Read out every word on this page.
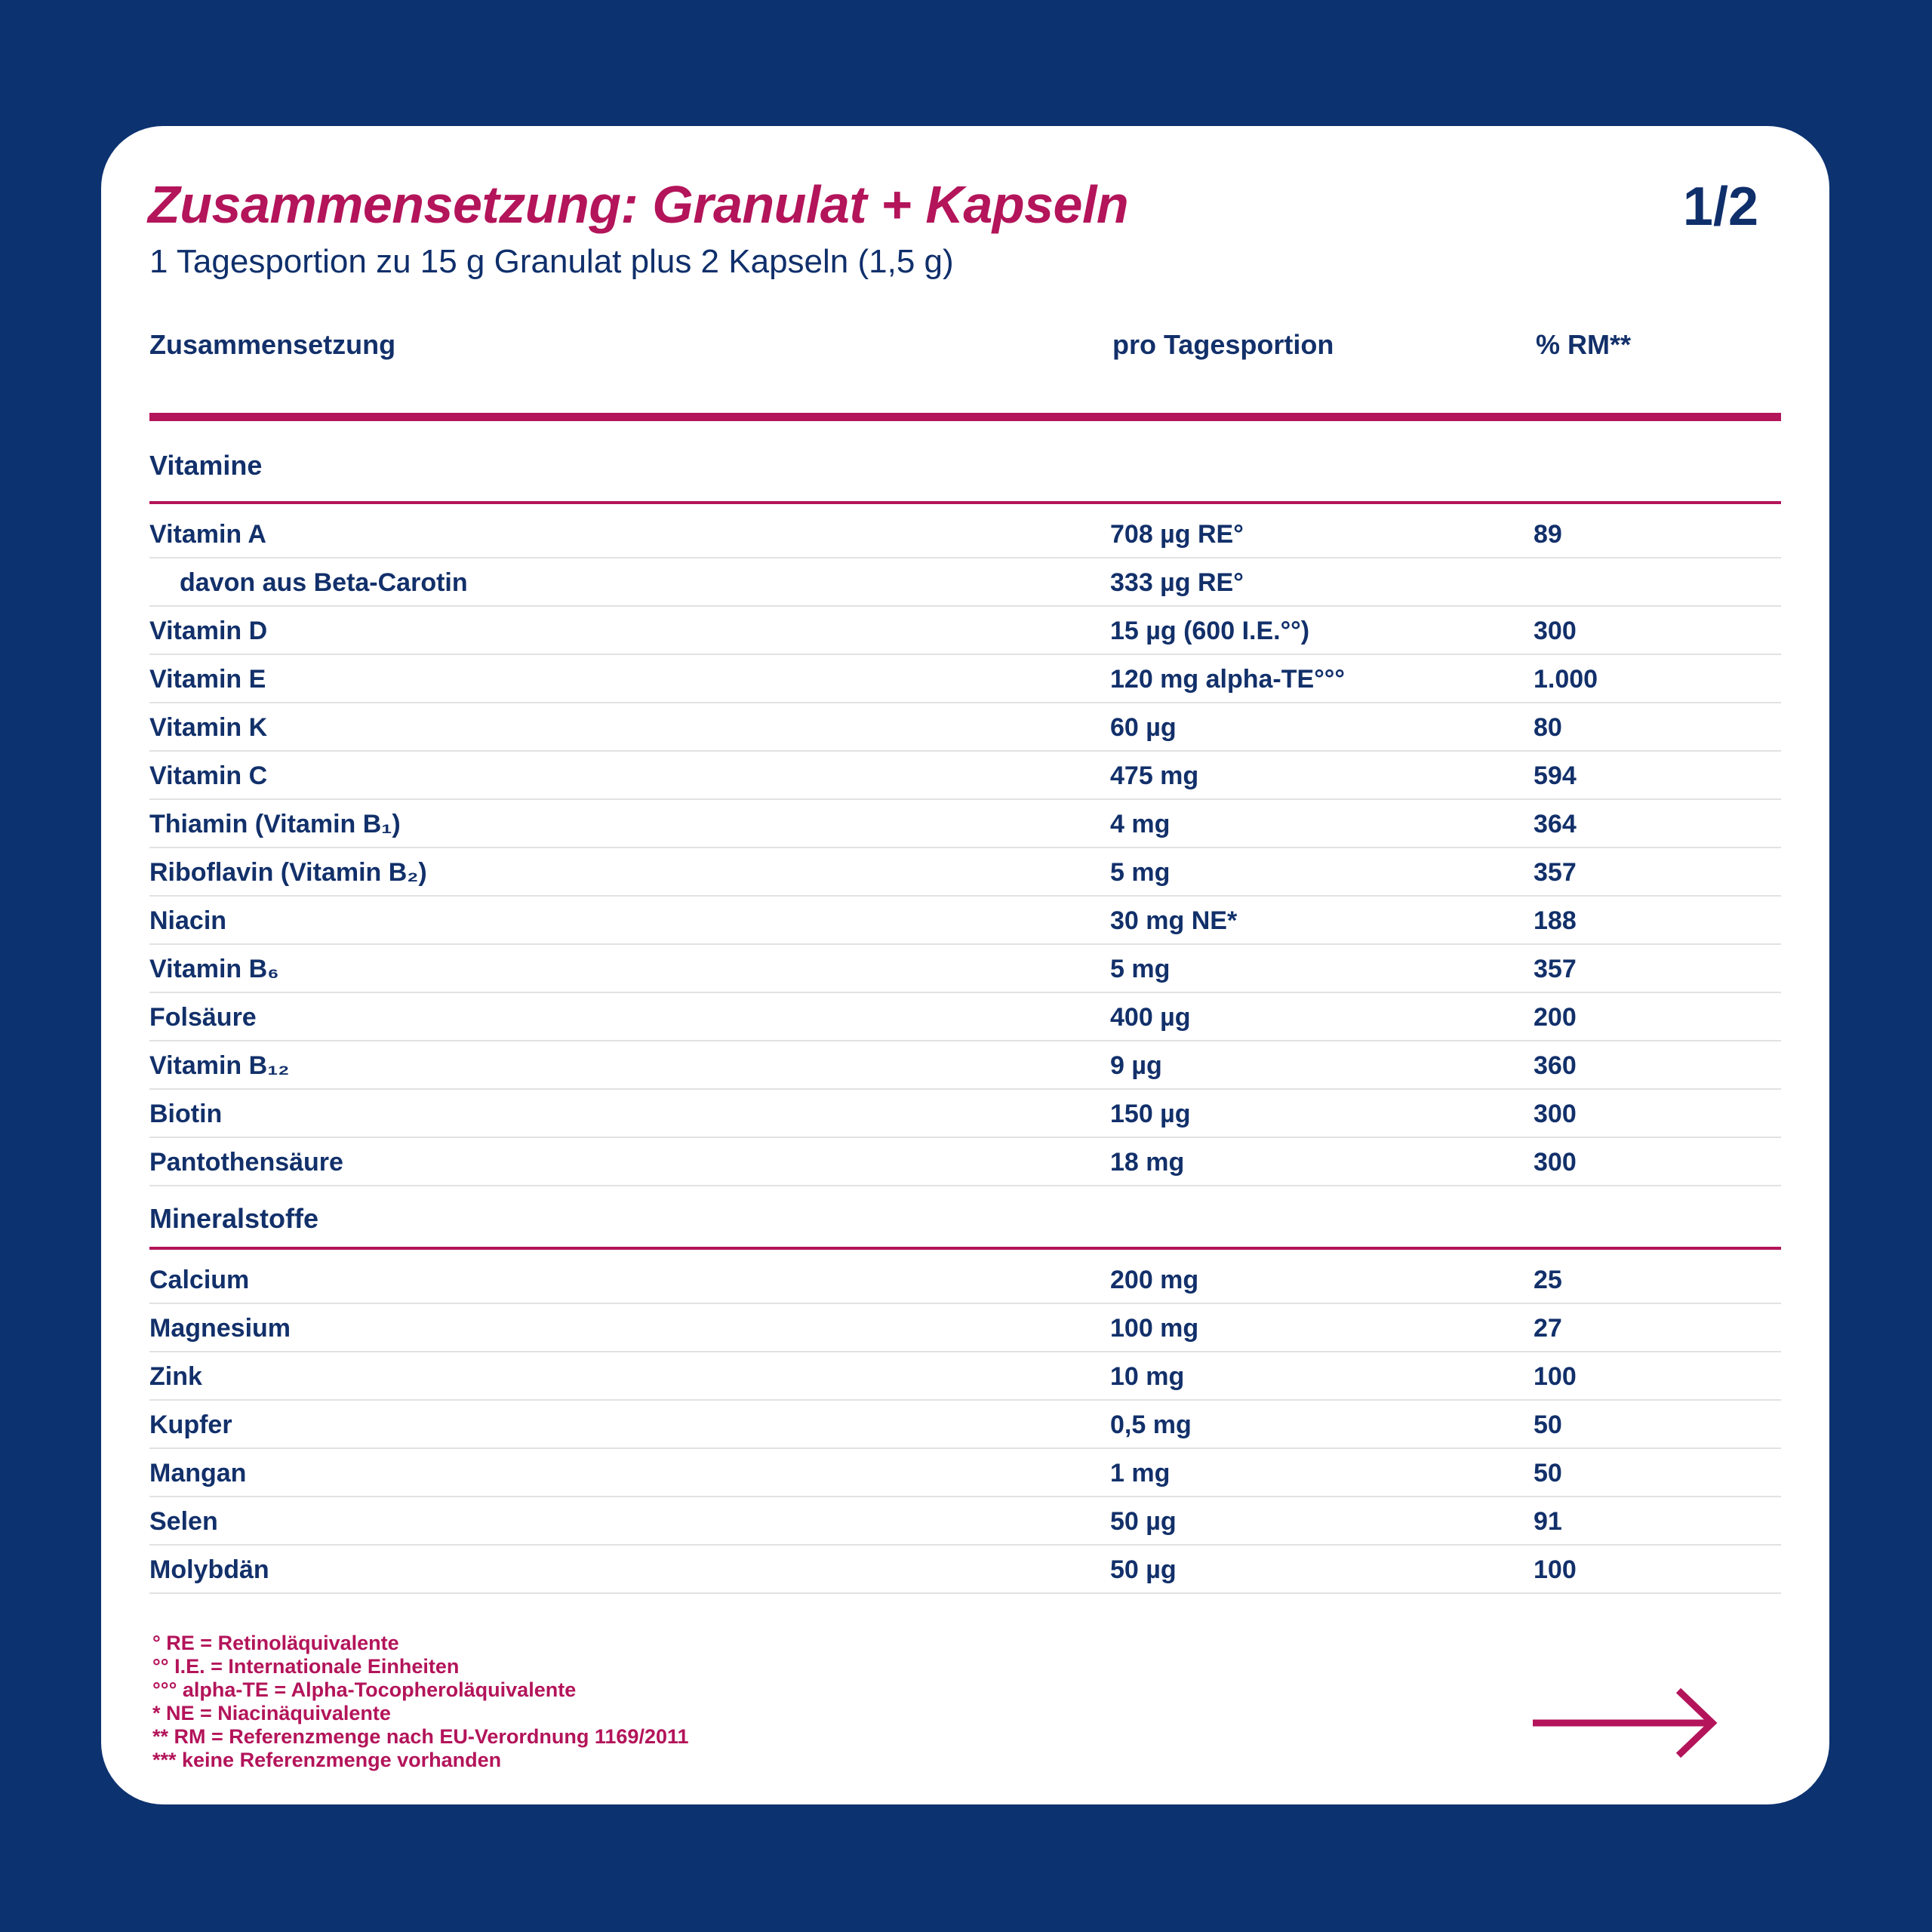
Zusammensetzung: Granulat + Kapseln	1/2
1 Tagesportion zu 15 g Granulat plus 2 Kapseln (1,5 g)
Zusammensetzung	pro Tagesportion	% RM**
Vitamine
Vitamin A	708 µg RE°	89
davon aus Beta-Carotin	333 µg RE°
Vitamin D	15 µg (600 I.E.°°)	300
Vitamin E	120 mg alpha-TE°°°	1.000
Vitamin K	60 µg	80
Vitamin C	475 mg	594
Thiamin (Vitamin B₁)	4 mg	364
Riboflavin (Vitamin B₂)	5 mg	357
Niacin	30 mg NE*	188
Vitamin B₆	5 mg	357
Folsäure	400 µg	200
Vitamin B₁₂	9 µg	360
Biotin	150 µg	300
Pantothensäure	18 mg	300
Mineralstoffe
Calcium	200 mg	25
Magnesium	100 mg	27
Zink	10 mg	100
Kupfer	0,5 mg	50
Mangan	1 mg	50
Selen	50 µg	91
Molybdän	50 µg	100
° RE = Retinoläquivalente
°° I.E. = Internationale Einheiten
°°° alpha-TE = Alpha-Tocopheroläquivalente
* NE = Niacinäquivalente
** RM = Referenzmenge nach EU-Verordnung 1169/2011
*** keine Referenzmenge vorhanden
